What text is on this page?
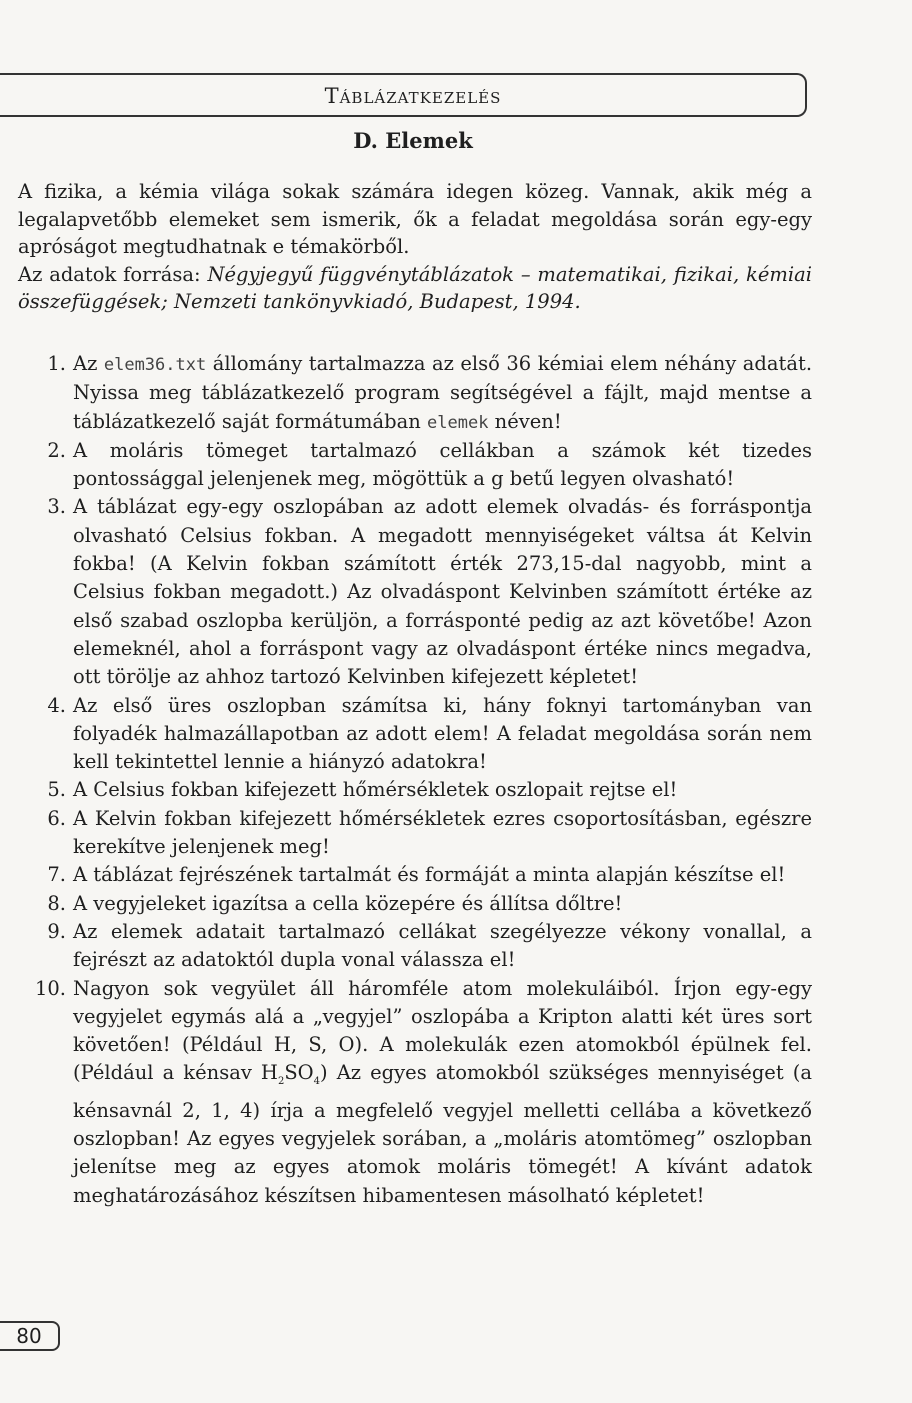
Táblázatkezelés
D. Elemek

A fizika, a kémia világa sokak számára idegen közeg. Vannak, akik még a legalapvetőbb elemeket sem ismerik, ők a feladat megoldása során egy-egy apróságot megtudhatnak e témakörből.

Az adatok forrása: Négyjegyű függvénytáblázatok – matematikai, fizikai, kémiai összefüggések; Nemzeti tankönyvkiadó, Budapest, 1994.

1. Az elem36.txt állomány tartalmazza az első 36 kémiai elem néhány adatát. Nyissa meg táblázatkezelő program segítségével a fájlt, majd mentse a táblázatkezelő saját formátumában elemek néven!
2. A moláris tömeget tartalmazó cellákban a számok két tizedes pontossággal jelenjenek meg, mögöttük a g betű legyen olvasható!
3. A táblázat egy-egy oszlopában az adott elemek olvadás- és forráspontja olvasható Celsius fokban. A megadott mennyiségeket váltsa át Kelvin fokba! (A Kelvin fokban számított érték 273,15-dal nagyobb, mint a Celsius fokban megadott.) Az olvadáspont Kelvinben számított értéke az első szabad oszlopba kerüljön, a forrásponté pedig az azt követőbe! Azon elemeknél, ahol a forráspont vagy az olvadáspont értéke nincs megadva, ott törölje az ahhoz tartozó Kelvinben kifejezett képletet!
4. Az első üres oszlopban számítsa ki, hány foknyi tartományban van folyadék halmazállapotban az adott elem! A feladat megoldása során nem kell tekintettel lennie a hiányzó adatokra!
5. A Celsius fokban kifejezett hőmérsékletek oszlopait rejtse el!
6. A Kelvin fokban kifejezett hőmérsékletek ezres csoportosításban, egészre kerekítve jelenjenek meg!
7. A táblázat fejrészének tartalmát és formáját a minta alapján készítse el!
8. A vegyjeleket igazítsa a cella közepére és állítsa dőltre!
9. Az elemek adatait tartalmazó cellákat szegélyezze vékony vonallal, a fejrészt az adatoktól dupla vonal válassza el!
10. Nagyon sok vegyület áll háromféle atom molekuláiból. Írjon egy-egy vegyjelet egymás alá a „vegyjel” oszlopába a Kripton alatti két üres sort követően! (Például H, S, O). A molekulák ezen atomokból épülnek fel. (Például a kénsav $H_2SO_4$) Az egyes atomokból szükséges mennyiséget (a kénsavnál 2, 1, 4) írja a megfelelő vegyjel melletti cellába a következő oszlopban! Az egyes vegyjelek sorában, a „moláris atomtömeg” oszlopban jelenítse meg az egyes atomok moláris tömegét! A kívánt adatok meghatározásához készítsen hibamentesen másolható képletet!
80
